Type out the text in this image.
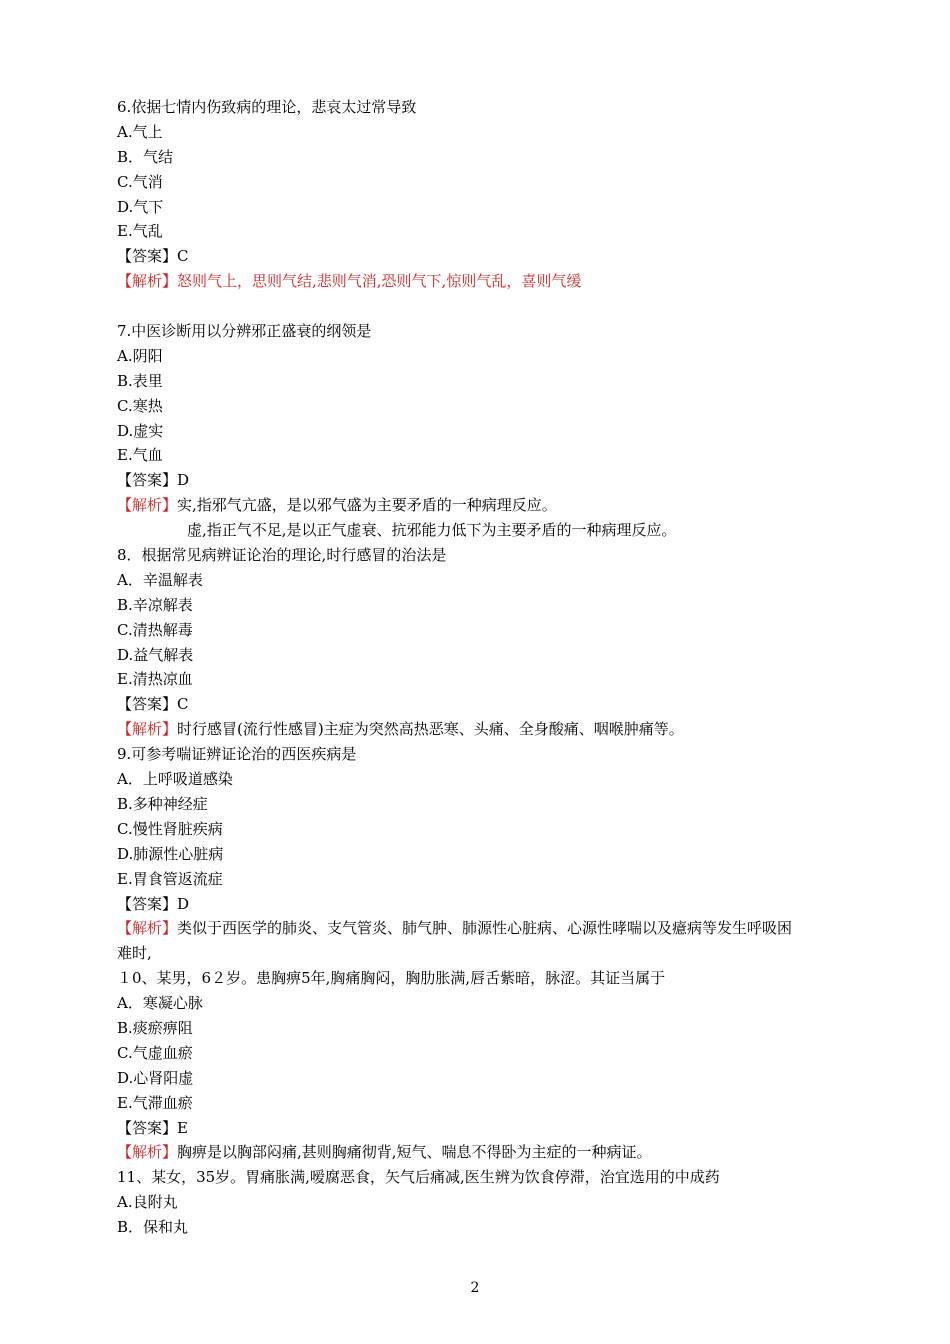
6.依据七情内伤致病的理论，悲哀太过常导致
A.气上
B．气结
C.气消
D.气下
E.气乱
【答案】C
【解析】怒则气上，思则气结,悲则气消,恐则气下,惊则气乱，喜则气缓
7.中医诊断用以分辨邪正盛衰的纲领是
A.阴阳
B.表里
C.寒热
D.虚实
E.气血
【答案】D
【解析】实,指邪气亢盛，是以邪气盛为主要矛盾的一种病理反应。
虚,指正气不足,是以正气虚衰、抗邪能力低下为主要矛盾的一种病理反应。
8．根据常见病辨证论治的理论,时行感冒的治法是
A．辛温解表
B.辛凉解表
C.清热解毒
D.益气解表
E.清热凉血
【答案】C
【解析】时行感冒(流行性感冒)主症为突然高热恶寒、头痛、全身酸痛、咽喉肿痛等。
9.可参考喘证辨证论治的西医疾病是
A．上呼吸道感染
B.多种神经症
C.慢性肾脏疾病
D.肺源性心脏病
E.胃食管返流症
【答案】D
【解析】类似于西医学的肺炎、支气管炎、肺气肿、肺源性心脏病、心源性哮喘以及癔病等发生呼吸困
难时,
１0、某男，6２岁。患胸痹5年,胸痛胸闷，胸肋胀满,唇舌紫暗，脉涩。其证当属于
A．寒凝心脉
B.痰瘀痹阻
C.气虚血瘀
D.心肾阳虚
E.气滞血瘀
【答案】E
【解析】胸痹是以胸部闷痛,甚则胸痛彻背,短气、喘息不得卧为主症的一种病证。
11、某女，35岁。胃痛胀满,嗳腐恶食，矢气后痛减,医生辨为饮食停滞，治宜选用的中成药
A.良附丸
B．保和丸
2
